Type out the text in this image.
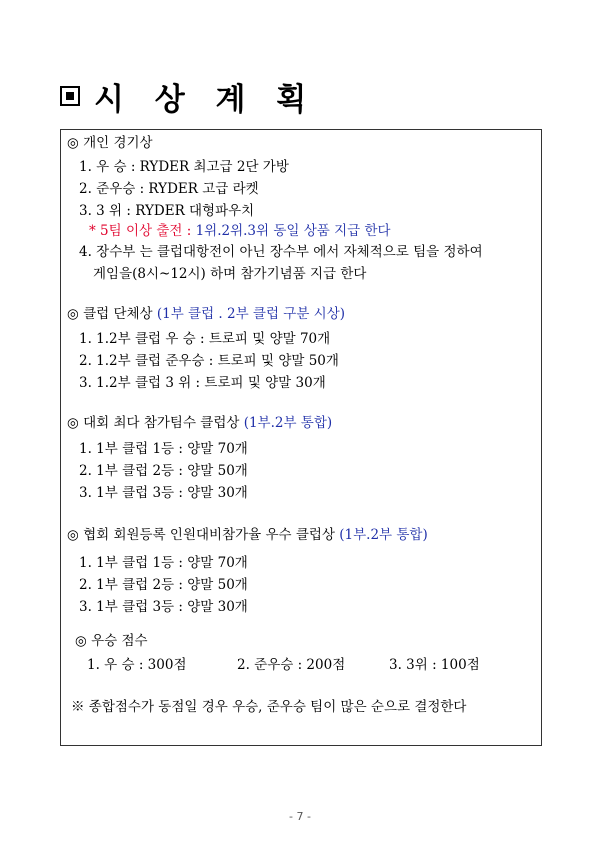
시 상 계 획
◎ 개인 경기상
1. 우 승 : RYDER 최고급 2단 가방
2. 준우승 : RYDER 고급 라켓
3. 3 위 : RYDER 대형파우치
* 5팀 이상 출전 : 1위.2위.3위 동일 상품 지급 한다
4. 장수부 는 클럽대항전이 아닌 장수부 에서 자체적으로 팀을 정하여
게임을(8시~12시) 하며 참가기념품 지급 한다
◎ 클럽 단체상 (1부 클럽 . 2부 클럽 구분 시상)
1. 1.2부 클럽 우 승 : 트로피 및 양말 70개
2. 1.2부 클럽 준우승 : 트로피 및 양말 50개
3. 1.2부 클럽 3 위 : 트로피 및 양말 30개
◎ 대회 최다 참가팀수 클럽상 (1부.2부 통합)
1. 1부 클럽 1등 : 양말 70개
2. 1부 클럽 2등 : 양말 50개
3. 1부 클럽 3등 : 양말 30개
◎ 협회 회원등록 인원대비참가율 우수 클럽상 (1부.2부 통합)
1. 1부 클럽 1등 : 양말 70개
2. 1부 클럽 2등 : 양말 50개
3. 1부 클럽 3등 : 양말 30개
◎ 우승 점수
1. 우 승 : 300점	2. 준우승 : 200점	3. 3위 : 100점
※ 종합점수가 동점일 경우 우승, 준우승 팀이 많은 순으로 결정한다
- 7 -
